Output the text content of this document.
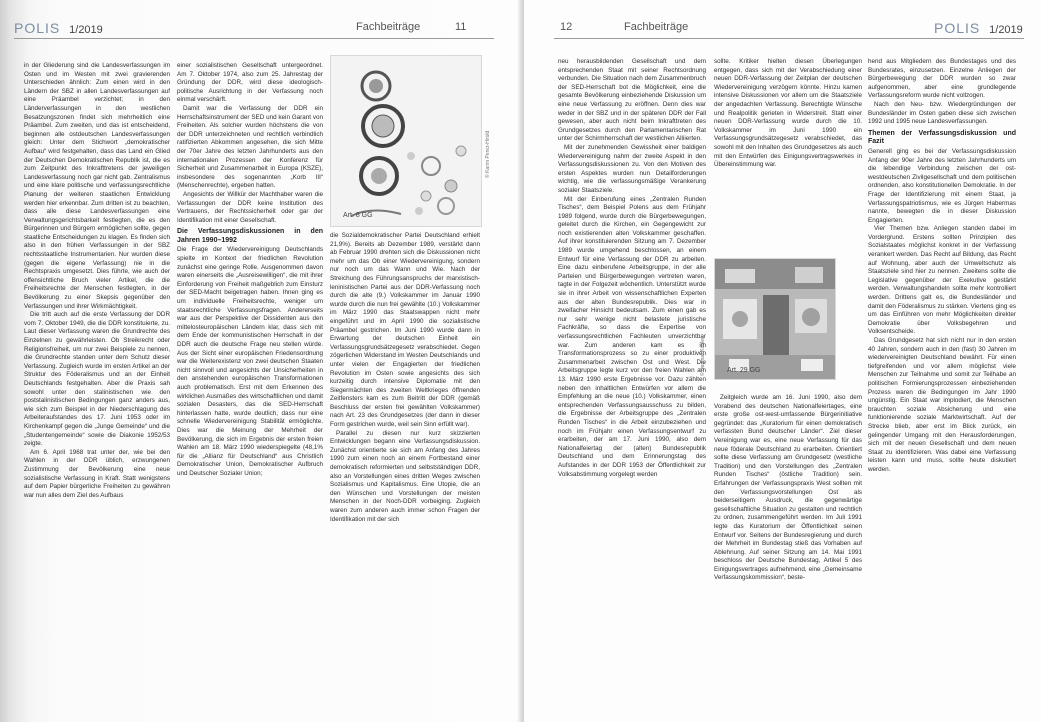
POLIS 1/2019	Fachbeiträge	11

in der Gliederung sind die Landesverfassungen im Osten und im Westen mit zwei gravierenden Unterschieden ähnlich: Zum einen wird in den Ländern der SBZ in allen Landesverfassungen auf eine Präambel verzichtet; in den Länderverfassungen in den westlichen Besatzungszonen findet sich mehrheitlich eine Präambel. Zum zweiten, und das ist entscheidend, beginnen alle ostdeutschen Landesverfassungen gleich: Unter dem Stichwort „demokratischer Aufbau“ wird festgehalten, dass das Land ein Glied der Deutschen Demokratischen Republik ist, die es zum Zeitpunkt des Inkrafttretens der jeweiligen Landesverfassung noch gar nicht gab. Zentralismus und eine klare politische und verfassungsrechtliche Planung der weiteren staatlichen Entwicklung werden hier erkennbar. Zum dritten ist zu beachten, dass alle diese Landesverfassungen eine Verwaltungsgerichtsbarkeit festlegten, die es den Bürgerinnen und Bürgern ermöglichen sollte, gegen staatliche Entscheidungen zu klagen. Es finden sich also in den frühen Verfassungen in der SBZ rechtsstaatliche Instrumentarien. Nur wurden diese (gegen die eigene Verfassung) nie in die Rechtspraxis umgesetzt. Dies führte, wie auch der offensichtliche Bruch vieler Artikel, die die Freiheitsrechte der Menschen festlegten, in der Bevölkerung zu einer Skepsis gegenüber den Verfassungen und ihrer Wirkmächtigkeit.

Die tritt auch auf die erste Verfassung der DDR vom 7. Oktober 1949, die die DDR konstituierte, zu. Laut dieser Verfassung waren die Grundrechte des Einzelnen zu gewährleisten. Ob Streikrecht oder Religionsfreiheit, um nur zwei Beispiele zu nennen, die Grundrechte standen unter dem Schutz dieser Verfassung. Zugleich wurde im ersten Artikel an der Struktur des Föderalismus und an der Einheit Deutschlands festgehalten. Aber die Praxis sah sowohl unter den stalinistischen wie den poststalinistischen Bedingungen ganz anders aus, wie sich zum Beispiel in der Niederschlagung des Arbeiteraufstandes des 17. Juni 1953 oder im Kirchenkampf gegen die „Junge Gemeinde“ und die „Studentengemeinde“ sowie die Diakonie 1952/53 zeigte.

Am 6. April 1968 trat unter der, wie bei den Wahlen in der DDR üblich, erzwungenen Zustimmung der Bevölkerung eine neue sozialistische Verfassung in Kraft. Statt wenigstens auf dem Papier bürgerliche Freiheiten zu gewähren war nun alles dem Ziel des Aufbaus

einer sozialistischen Gesellschaft untergeordnet. Am 7. Oktober 1974, also zum 25. Jahrestag der Gründung der DDR, wird diese ideologisch-politische Ausrichtung in der Verfassung noch einmal verschärft.

Damit war die Verfassung der DDR ein Herrschaftsinstrument der SED und kein Garant von Freiheiten. Als solcher wurden höchstens die von der DDR unterzeichneten und rechtlich verbindlich ratifizierten Abkommen angesehen, die sich Mitte der 70er Jahre des letzten Jahrhunderts aus den internationalen Prozessen der Konferenz für Sicherheit und Zusammenarbeit in Europa (KSZE), insbesondere des sogenannten „Korb III“ (Menschenrechte), ergeben hatten.

Angesichts der Willkür der Machthaber waren die Verfassungen der DDR keine Institution des Vertrauens, der Rechtssicherheit oder gar der Identifikation mit einer Gesellschaft.

Die Verfassungsdiskussionen in den Jahren 1990–1992

Die Frage der Wiedervereinigung Deutschlands spielte im Kontext der friedlichen Revolution zunächst eine geringe Rolle. Ausgenommen davon waren einerseits die „Ausreisewilligen“, die mit ihrer Einforderung von Freiheit maßgeblich zum Einsturz der SED-Macht beigetragen haben. Ihnen ging es um individuelle Freiheitsrechte, weniger um staatsrechtliche Verfassungsfragen. Andererseits war aus der Perspektive der Dissidenten aus den mittelosteuropäischen Ländern klar, dass sich mit dem Ende der kommunistischen Herrschaft in der DDR auch die deutsche Frage neu stellen würde. Aus der Sicht einer europäischen Friedensordnung war die Weiterexistenz von zwei deutschen Staaten nicht sinnvoll und angesichts der Unsicherheiten in den anstehenden europäischen Transformationen auch problematisch. Erst mit dem Erkennen des wirklichen Ausmaßes des wirtschaftlichen und damit sozialen Desasters, das die SED-Herrschaft hinterlassen hatte, wurde deutlich, dass nur eine schnelle Wiedervereinigung Stabilität ermöglichte. Dies war die Meinung der Mehrheit der Bevölkerung, die sich im Ergebnis der ersten freien Wahlen am 18. März 1990 wiederspiegelte (48,1% für die „Allianz für Deutschland“ aus Christlich Demokratischer Union, Demokratischer Aufbruch und Deutscher Sozialer Union;

Art. 8 GG
© Karim Perez-Hirold

die Sozialdemokratischer Partei Deutschland erhielt 21,9%). Bereits ab Dezember 1989, verstärkt dann ab Februar 1990 drehten sich die Diskussionen nicht mehr um das Ob einer Wiedervereinigung, sondern nur noch um das Wann und Wie. Nach der Streichung des Führungsanspruchs der marxistisch-leninistischen Partei aus der DDR-Verfassung noch durch die alte (9.) Volkskammer im Januar 1990 wurde durch die nun frei gewählte (10.) Volkskammer im März 1990 das Staatswappen nicht mehr eingeführt und im April 1990 die sozialistische Präambel gestrichen. Im Juni 1990 wurde dann in Erwartung der deutschen Einheit ein Verfassungsgrundsätzegesetz verabschiedet. Gegen zögerlichen Widerstand im Westen Deutschlands und unter vielen der Engagierten der friedlichen Revolution im Osten sowie angesichts des sich kurzeitig durch intensive Diplomatie mit den Siegermächten des zweiten Weltkrieges öffnenden Zeitfensters kam es zum Beitritt der DDR (gemäß Beschluss der ersten frei gewählten Volkskammer) nach Art. 23 des Grundgesetzes (der dann in dieser Form gestrichen wurde, weil sein Sinn erfüllt war).

Parallel zu diesen nur kurz skizzierten Entwicklungen begann eine Verfassungsdiskussion. Zunächst orientierte sie sich am Anfang des Jahres 1990 zum einen noch an einem Fortbestand einer demokratisch reformierten und selbstständigen DDR, also an Vorstellungen eines dritten Weges zwischen Sozialismus und Kapitalismus. Eine Utopie, die an den Wünschen und Vorstellungen der meisten Menschen in der Noch-DDR vorbeiging. Zugleich waren zum anderen auch immer schon Fragen der Identifikation mit der sich

12	Fachbeiträge	POLIS 1/2019

neu herausbildenden Gesellschaft und dem entsprechenden Staat mit seiner Rechtsordnung verbunden. Die Situation nach dem Zusammenbruch der SED-Herrschaft bot die Möglichkeit, eine die gesamte Bevölkerung einbeziehende Diskussion um eine neue Verfassung zu eröffnen. Denn dies war weder in der SBZ und in der späteren DDR der Fall gewesen, aber auch nicht beim Inkrafttreten des Grundgesetzes durch den Parlamentarischen Rat unter der Schirmherrschaft der westlichen Alliierten.

Mit der zunehmenden Gewissheit einer baldigen Wiedervereinigung nahm der zweite Aspekt in den Verfassungsdiskussionen zu. Von den Motiven des ersten Aspektes wurden nun Detailforderungen wichtig, wie die verfassungsmäßige Verankerung sozialer Staatsziele.

Mit der Einberufung eines „Zentralen Runden Tisches“, dem Beispiel Polens aus dem Frühjahr 1989 folgend, wurde durch die Bürgerbewegungen, geleitet durch die Kirchen, ein Gegengewicht zur noch existierenden alten Volkskammer geschaffen. Auf ihrer konstituierenden Sitzung am 7. Dezember 1989 wurde umgehend beschlossen, an einem Entwurf für eine Verfassung der DDR zu arbeiten. Eine dazu einberufene Arbeitsgruppe, in der alle Parteien und Bürgerbewegungen vertreten waren, tagte in der Folgezeit wöchentlich. Unterstützt wurde sie in ihrer Arbeit von wissenschaftlichen Experten aus der alten Bundesrepublik. Dies war in zweifacher Hinsicht bedeutsam. Zum einen gab es nur sehr wenige nicht belastete juristische Fachkräfte, so dass die Expertise von verfassungsrechtlichen Fachleuten unverzichtbar war. Zum anderen kam es im Transformationsprozess so zu einer produktiven Zusammenarbeit zwischen Ost und West. Die Arbeitsgruppe legte kurz vor den freien Wahlen am 13. März 1990 erste Ergebnisse vor. Dazu zählten neben den inhaltlichen Entwürfen vor allem die Empfehlung an die neue (10.) Volkskammer, einen entsprechenden Verfassungsausschuss zu bilden, die Ergebnisse der Arbeitsgruppe des „Zentralen Runden Tisches“ in die Arbeit einzubeziehen und noch im Frühjahr einen Verfassungsentwurf zu erarbeiten, der am 17. Juni 1990, also dem Nationalfeiertag der (alten) Bundesrepublik Deutschland und dem Erinnerungstag des Aufstandes in der DDR 1953 der Öffentlichkeit zur Volksabstimmung vorgelegt werden

sollte. Kritiker hielten diesen Überlegungen entgegen, dass sich mit der Verabschiedung einer neuen DDR-Verfassung der Zeitplan der deutschen Wiedervereinigung verzögern könnte. Hinzu kamen intensive Diskussionen vor allem um die Staatsziele der angedachten Verfassung. Berechtigte Wünsche und Realpolitik gerieten in Widerstreit. Statt einer neuen DDR-Verfassung wurde durch die 10. Volkskammer im Juni 1990 ein Verfassungsgrundsätzegesetz verabschiedet, das sowohl mit den Inhalten des Grundgesetzes als auch mit den Entwürfen des Einigungsvertragswerkes in Übereinstimmung war.

Art. 29 GG
© Dagmar Köhler

Zeitgleich wurde am 16. Juni 1990, also dem Vorabend des deutschen Nationalfeiertages, eine erste große ost-west-umfassende Bürgerinitiative gegründet: das „Kuratorium für einen demokratisch verfassten Bund deutscher Länder“. Ziel dieser Vereinigung war es, eine neue Verfassung für das neue föderale Deutschland zu erarbeiten. Orientiert sollte diese Verfassung am Grundgesetz (westliche Tradition) und den Vorstellungen des „Zentralen Runden Tisches“ (östliche Tradition) sein. Erfahrungen der Verfassungspraxis West sollten mit den Verfassungsvorstellungen Ost als beiderseitigem Ausdruck, die gegenwärtige gesellschaftliche Situation zu gestalten und rechtlich zu ordnen, zusammengeführt werden. Im Juli 1991 legte das Kuratorium der Öffentlichkeit seinen Entwurf vor. Seitens der Bundesregierung und durch der Mehrheit im Bundestag stieß das Vorhaben auf Ablehnung. Auf seiner Sitzung am 14. Mai 1991 beschloss der Deutsche Bundestag, Artikel 5 des Einigungsvertrages aufnehmend, eine „Gemeinsame Verfassungskommission“, beste-

hend aus Mitgliedern des Bundestages und des Bundesrates, einzusetzen. Einzelne Anliegen der Bürgerbewegung der DDR wurden so zwar aufgenommen, aber eine grundlegende Verfassungsreform wurde nicht vollzogen.

Nach den Neu- bzw. Wiedergründungen der Bundesländer im Osten gaben diese sich zwischen 1992 und 1995 neue Landesverfassungen.

Themen der Verfassungsdiskussion und Fazit

Generell ging es bei der Verfassungsdiskussion Anfang der 90er Jahre des letzten Jahrhunderts um die lebendige Verbindung zwischen der ost-westdeutschen Zivilgesellschaft und dem politischen ordnenden, also konstitutionellen Demokratie. In der Frage der Identifizierung mit einem Staat, ja Verfassungspatriotismus, wie es Jürgen Habermas nannte, bewegten die in dieser Diskussion Engagierten.

Vier Themen bzw. Anliegen standen dabei im Vordergrund. Erstens sollten Prinzipien des Sozialstaates möglichst konkret in der Verfassung verankert werden. Das Recht auf Bildung, das Recht auf Wohnung, aber auch der Umweltschutz als Staatsziele sind hier zu nennen. Zweitens sollte die Legislative gegenüber der Exekutive gestärkt werden. Verwaltungshandeln sollte mehr kontrolliert werden. Drittens galt es, die Bundesländer und damit den Föderalismus zu stärken. Viertens ging es um das Einführen von mehr Möglichkeiten direkter Demokratie über Volksbegehren und Volksentscheide.

Das Grundgesetz hat sich nicht nur in den ersten 40 Jahren, sondern auch in den (fast) 30 Jahren im wiedervereinigten Deutschland bewährt. Für einen tiefgreifenden und vor allem möglichst viele Menschen zur Teilnahme und somit zur Teilhabe an politischen Formierungsprozessen einbeziehenden Prozess waren die Bedingungen im Jahr 1990 ungünstig. Ein Staat war implodiert, die Menschen brauchten soziale Absicherung und eine funktionierende soziale Marktwirtschaft. Auf der Strecke blieb, aber erst im Blick zurück, ein gelingender Umgang mit den Herausforderungen, sich mit der neuen Gesellschaft und dem neuen Staat zu identifizieren. Was dabei eine Verfassung leisten kann und muss, sollte heute diskutiert werden.
